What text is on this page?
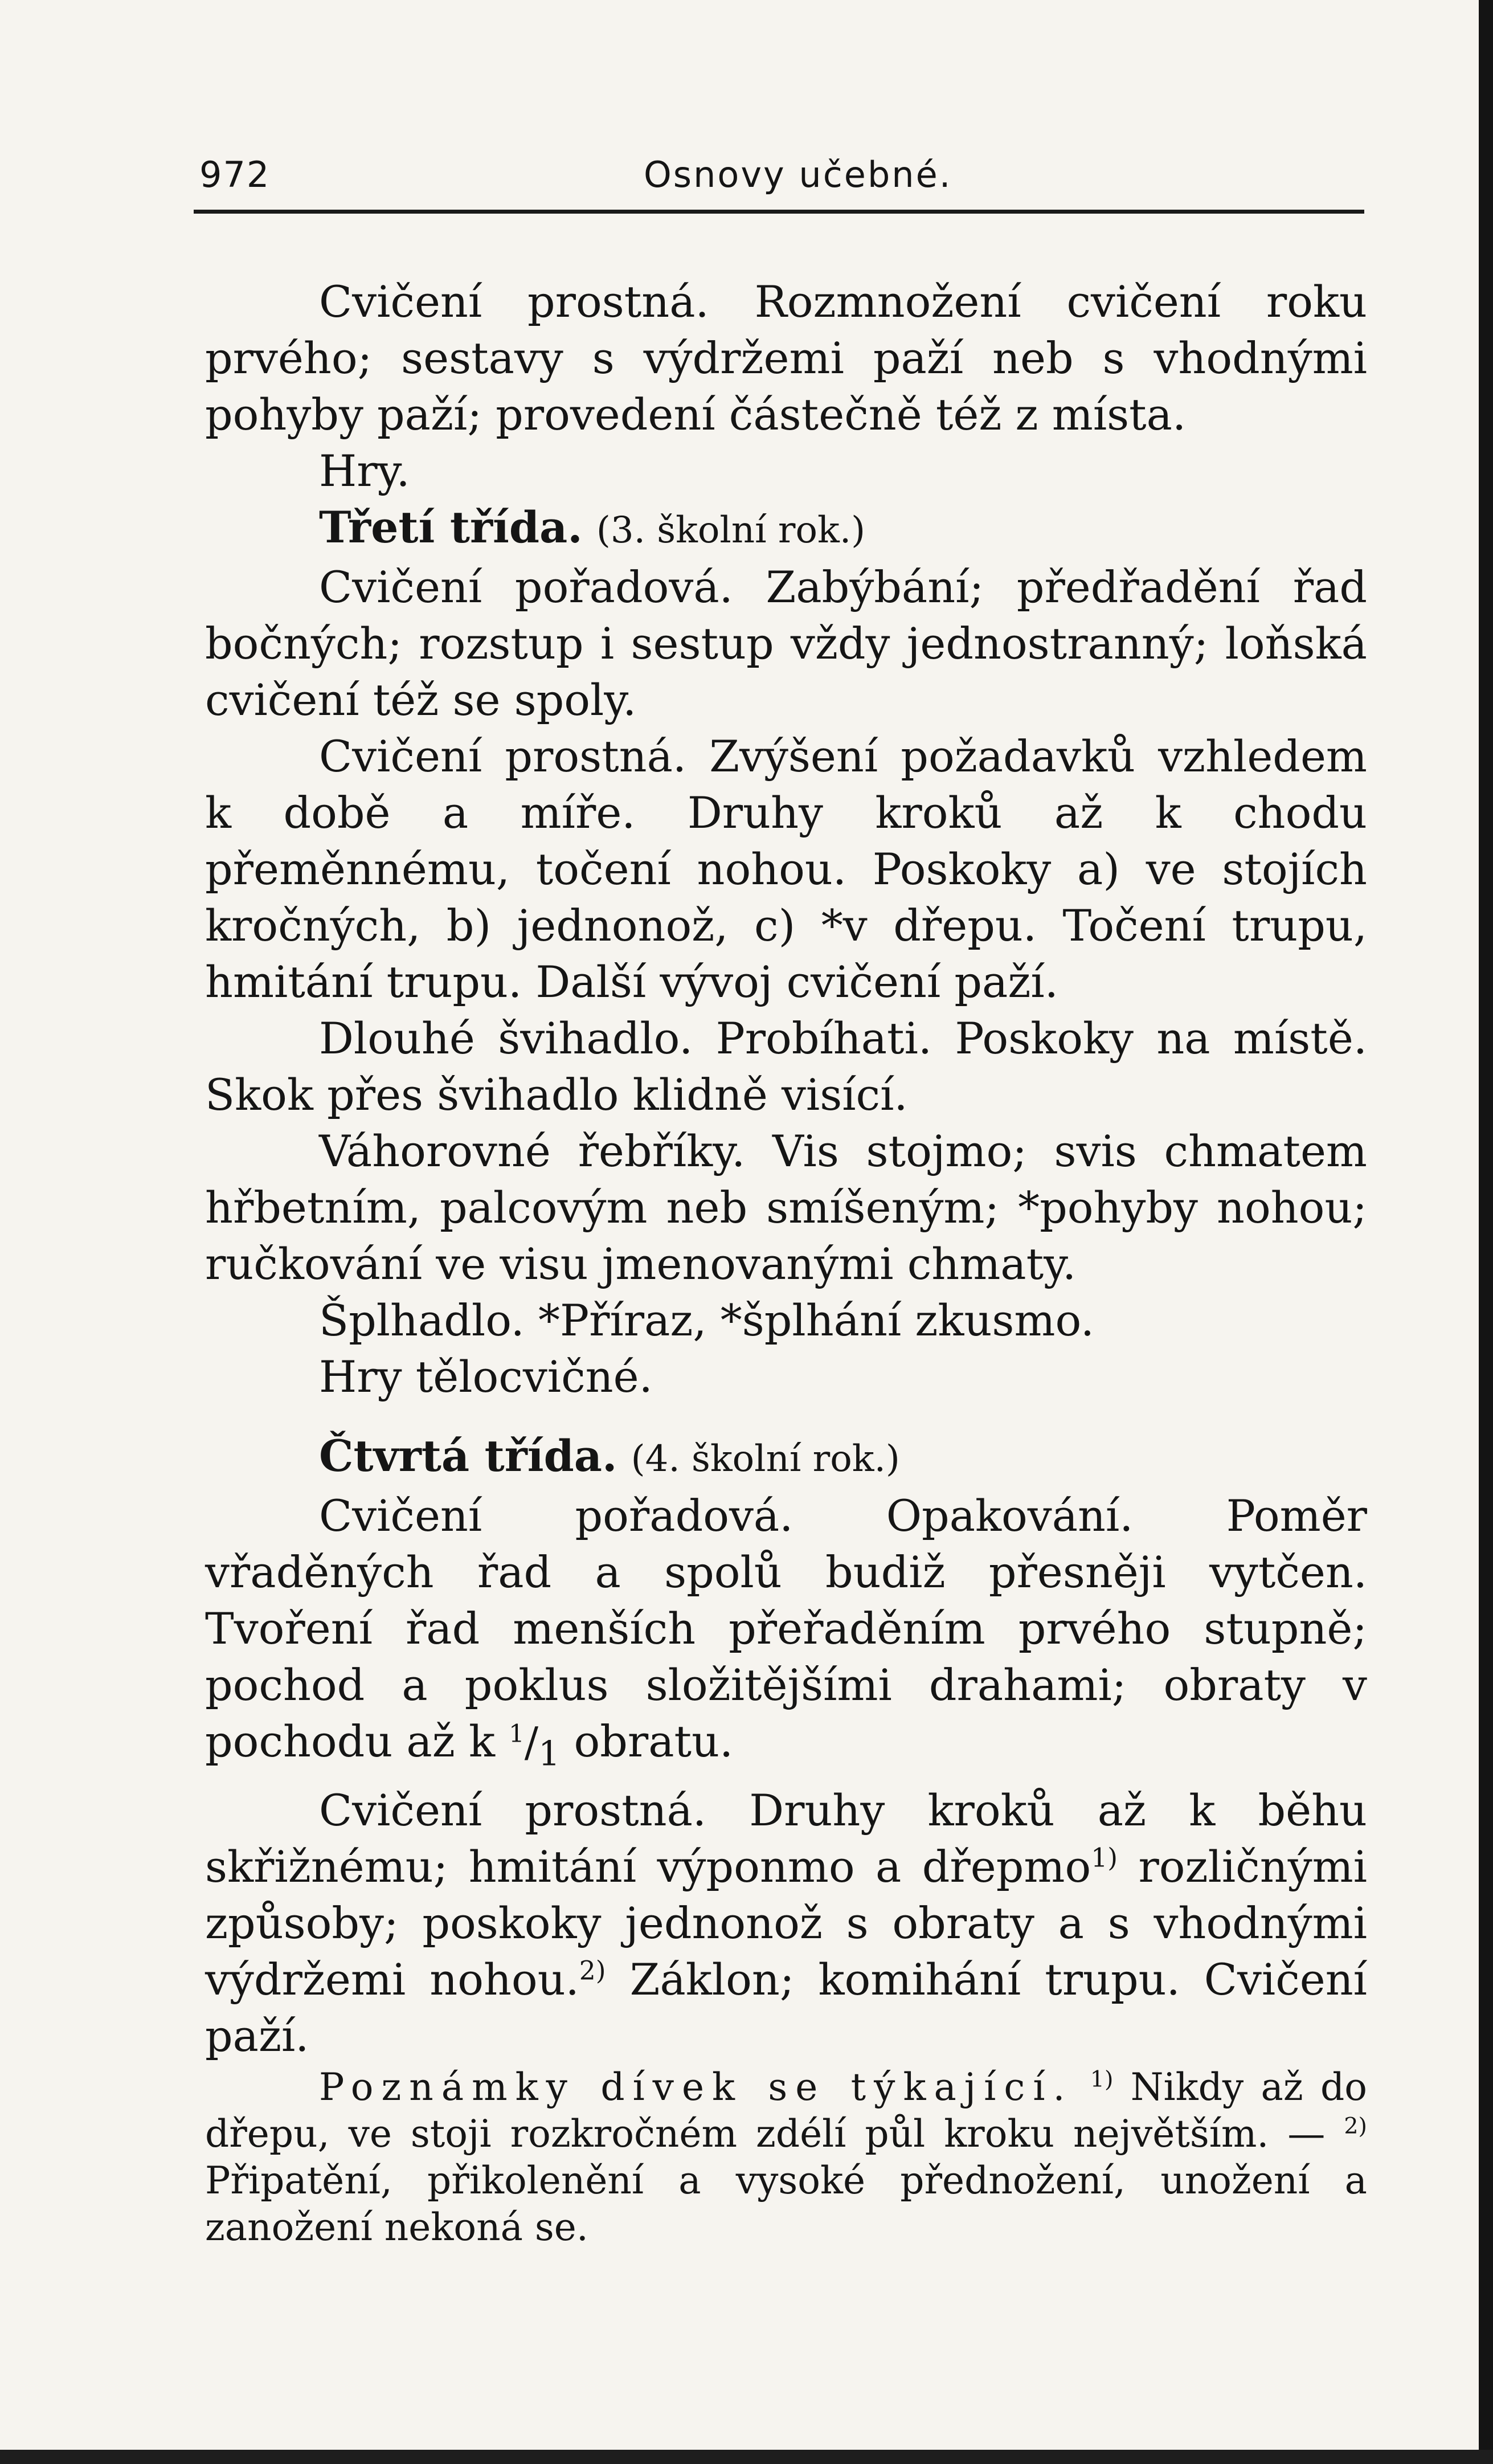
972	Osnovy učebné.

Cvičení prostná. Rozmnožení cvičení roku prvého; sestavy s výdržemi paží neb s vhodnými pohyby paží; provedení částečně též z místa.

Hry.

Třetí třída. (3. školní rok.)

Cvičení pořadová. Zabýbání; předřadění řad bočných; rozstup i sestup vždy jednostranný; loňská cvičení též se spoly.

Cvičení prostná. Zvýšení požadavků vzhledem k době a míře. Druhy kroků až k chodu přeměnnému, točení nohou. Poskoky a) ve stojích kročných, b) jednonož, c) *v dřepu. Točení trupu, hmitání trupu. Další vývoj cvičení paží.

Dlouhé švihadlo. Probíhati. Poskoky na místě. Skok přes švihadlo klidně visící.

Váhorovné řebříky. Vis stojmo; svis chmatem hřbetním, palcovým neb smíšeným; *pohyby nohou; ručkování ve visu jmenovanými chmaty.

Šplhadlo. *Příraz, *šplhání zkusmo.

Hry tělocvičné.

Čtvrtá třída. (4. školní rok.)

Cvičení pořadová. Opakování. Poměr vřaděných řad a spolů budiž přesněji vytčen. Tvoření řad menších přeřaděním prvého stupně; pochod a poklus složitějšími drahami; obraty v pochodu až k $^1/_1$ obratu.

Cvičení prostná. Druhy kroků až k běhu skřižnému; hmitání výponmo a dřepmo$^{1)}$ rozličnými způsoby; poskoky jednonož s obraty a s vhodnými výdržemi nohou.$^{2)}$ Záklon; komihání trupu. Cvičení paží.

Poznámky dívek se týkající. $^{1)}$ Nikdy až do dřepu, ve stoji rozkročném zdélí půl kroku největším. — $^{2)}$ Připatění, přikolenění a vysoké přednožení, unožení a zanožení nekoná se.
